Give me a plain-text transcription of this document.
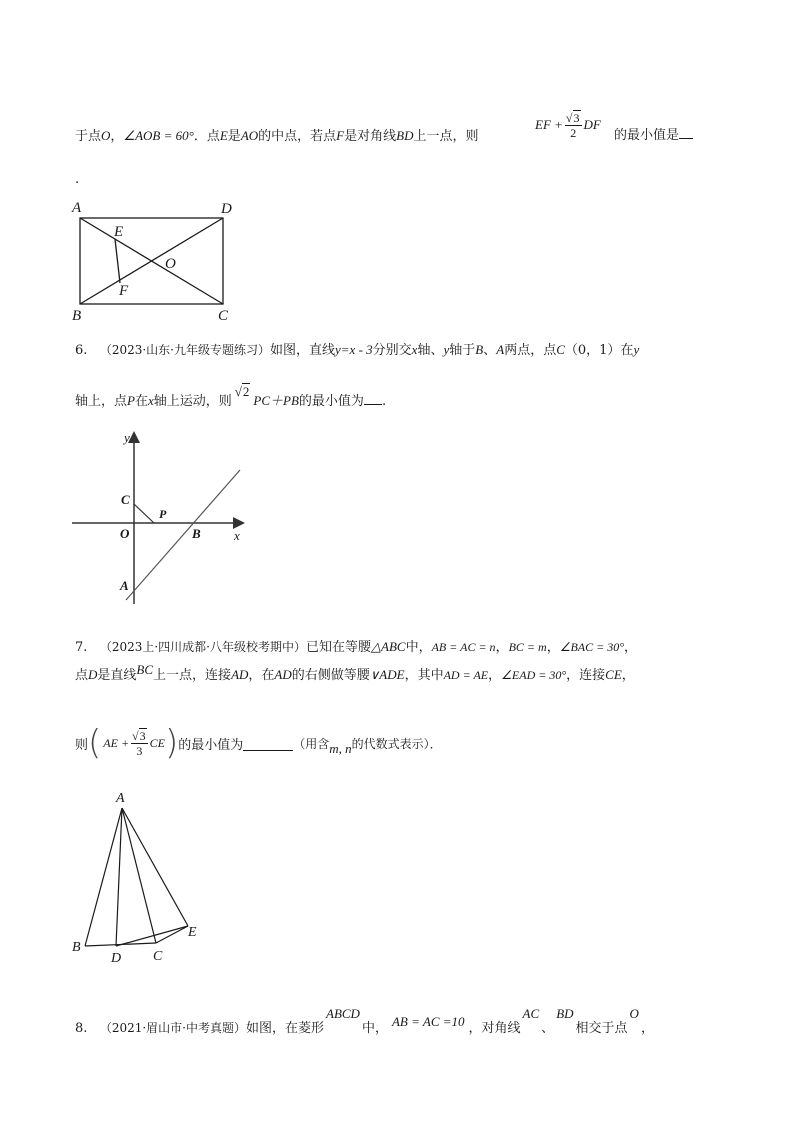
于点O，∠AOB = 60°．点E是AO的中点，若点F是对角线BD上一点，则
EF + $\frac{√3}{2}$ DF
的最小值是
.
A	D
E
O
F
B	C
6. （2023·山东·九年级专题练习）如图，直线y=x - 3分别交x轴、y轴于B、A两点，点C（0，1）在y
轴上，点P在x轴上运动，则√2PC＋PB的最小值为 .
y
x
C
P
O	B
A
7. （2023上·四川成都·八年级校考期中）已知在等腰△ABC中，AB = AC = n，BC = m，∠BAC = 30°，
点D是直线BC上一点，连接AD，在AD的右侧做等腰∨ADE，其中AD = AE，∠EAD = 30°，连接CE，
则 ( AE + $\frac{√3}{3}$ CE ) 的最小值为	（用含 m, n 的代数式表示）．
A
B
D C
E
8. （2021·眉山市·中考真题）如图，在菱形ABCD中， AB = AC =10 ，对角线AC、BD相交于点O，
